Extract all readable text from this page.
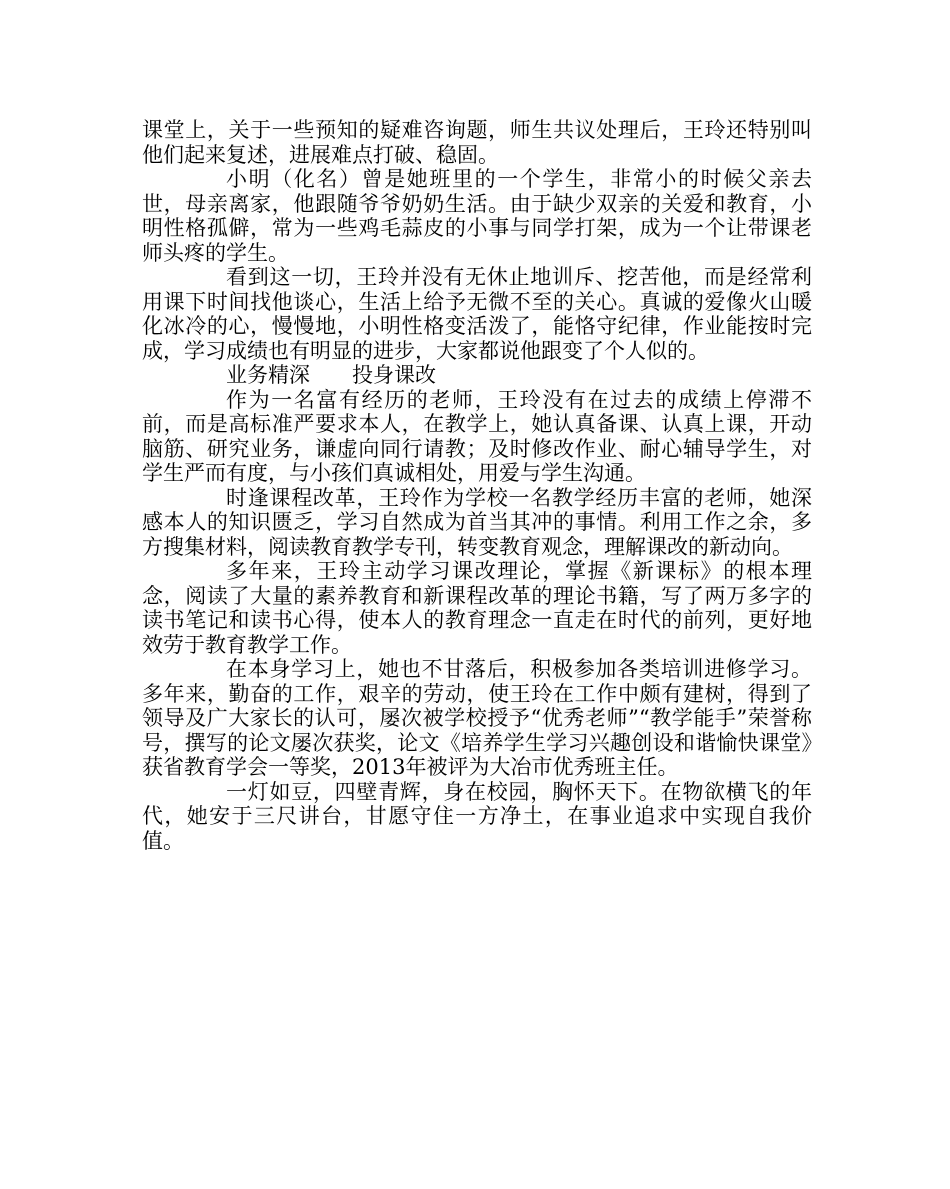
课堂上，关于一些预知的疑难咨询题，师生共议处理后，王玲还特别叫他们起来复述，进展难点打破、稳固。

小明（化名）曾是她班里的一个学生，非常小的时候父亲去世，母亲离家，他跟随爷爷奶奶生活。由于缺少双亲的关爱和教育，小明性格孤僻，常为一些鸡毛蒜皮的小事与同学打架，成为一个让带课老师头疼的学生。

看到这一切，王玲并没有无休止地训斥、挖苦他，而是经常利用课下时间找他谈心，生活上给予无微不至的关心。真诚的爱像火山暖化冰冷的心，慢慢地，小明性格变活泼了，能恪守纪律，作业能按时完成，学习成绩也有明显的进步，大家都说他跟变了个人似的。

业务精深　　投身课改

作为一名富有经历的老师，王玲没有在过去的成绩上停滞不前，而是高标准严要求本人，在教学上，她认真备课、认真上课，开动脑筋、研究业务，谦虚向同行请教；及时修改作业、耐心辅导学生，对学生严而有度，与小孩们真诚相处，用爱与学生沟通。

时逢课程改革，王玲作为学校一名教学经历丰富的老师，她深感本人的知识匮乏，学习自然成为首当其冲的事情。利用工作之余，多方搜集材料，阅读教育教学专刊，转变教育观念，理解课改的新动向。

多年来，王玲主动学习课改理论，掌握《新课标》的根本理念，阅读了大量的素养教育和新课程改革的理论书籍，写了两万多字的读书笔记和读书心得，使本人的教育理念一直走在时代的前列，更好地效劳于教育教学工作。

在本身学习上，她也不甘落后，积极参加各类培训进修学习。多年来，勤奋的工作，艰辛的劳动，使王玲在工作中颇有建树，得到了领导及广大家长的认可，屡次被学校授予“优秀老师”“教学能手”荣誉称号，撰写的论文屡次获奖，论文《培养学生学习兴趣创设和谐愉快课堂》获省教育学会一等奖，2013年被评为大冶市优秀班主任。

一灯如豆，四壁青辉，身在校园，胸怀天下。在物欲横飞的年代，她安于三尺讲台，甘愿守住一方净土，在事业追求中实现自我价值。
